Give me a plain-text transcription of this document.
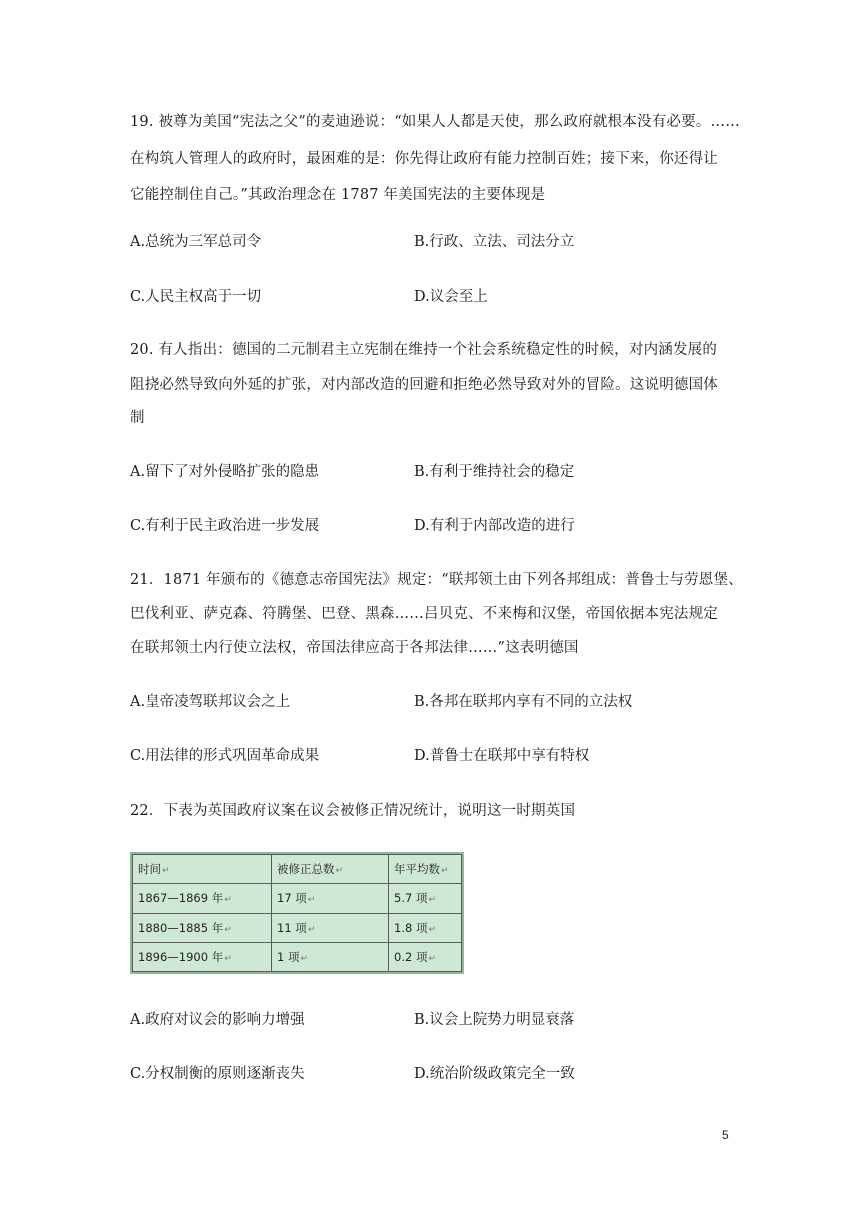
19. 被尊为美国“宪法之父”的麦迪逊说：“如果人人都是天使，那么政府就根本没有必要。……
在构筑人管理人的政府时，最困难的是：你先得让政府有能力控制百姓；接下来，你还得让
它能控制住自己。”其政治理念在 1787 年美国宪法的主要体现是
A.总统为三军总司令	B.行政、立法、司法分立
C.人民主权高于一切	D.议会至上
20. 有人指出：德国的二元制君主立宪制在维持一个社会系统稳定性的时候，对内涵发展的
阻挠必然导致向外延的扩张，对内部改造的回避和拒绝必然导致对外的冒险。这说明德国体
制
A.留下了对外侵略扩张的隐患	B.有利于维持社会的稳定
C.有利于民主政治进一步发展	D.有利于内部改造的进行
21．1871 年颁布的《德意志帝国宪法》规定：“联邦领土由下列各邦组成：普鲁士与劳恩堡、
巴伐利亚、萨克森、符腾堡、巴登、黑森……吕贝克、不来梅和汉堡，帝国依据本宪法规定
在联邦领土内行使立法权，帝国法律应高于各邦法律……”这表明德国
A.皇帝凌驾联邦议会之上	B.各邦在联邦内享有不同的立法权
C.用法律的形式巩固革命成果	D.普鲁士在联邦中享有特权
22．下表为英国政府议案在议会被修正情况统计，说明这一时期英国
时间↵	被修正总数↵	年平均数↵
1867—1869 年↵	17 项↵	5.7 项↵
1880—1885 年↵	11 项↵	1.8 项↵
1896—1900 年↵	1 项↵	0.2 项↵
A.政府对议会的影响力增强	B.议会上院势力明显衰落
C.分权制衡的原则逐渐丧失	D.统治阶级政策完全一致
5
